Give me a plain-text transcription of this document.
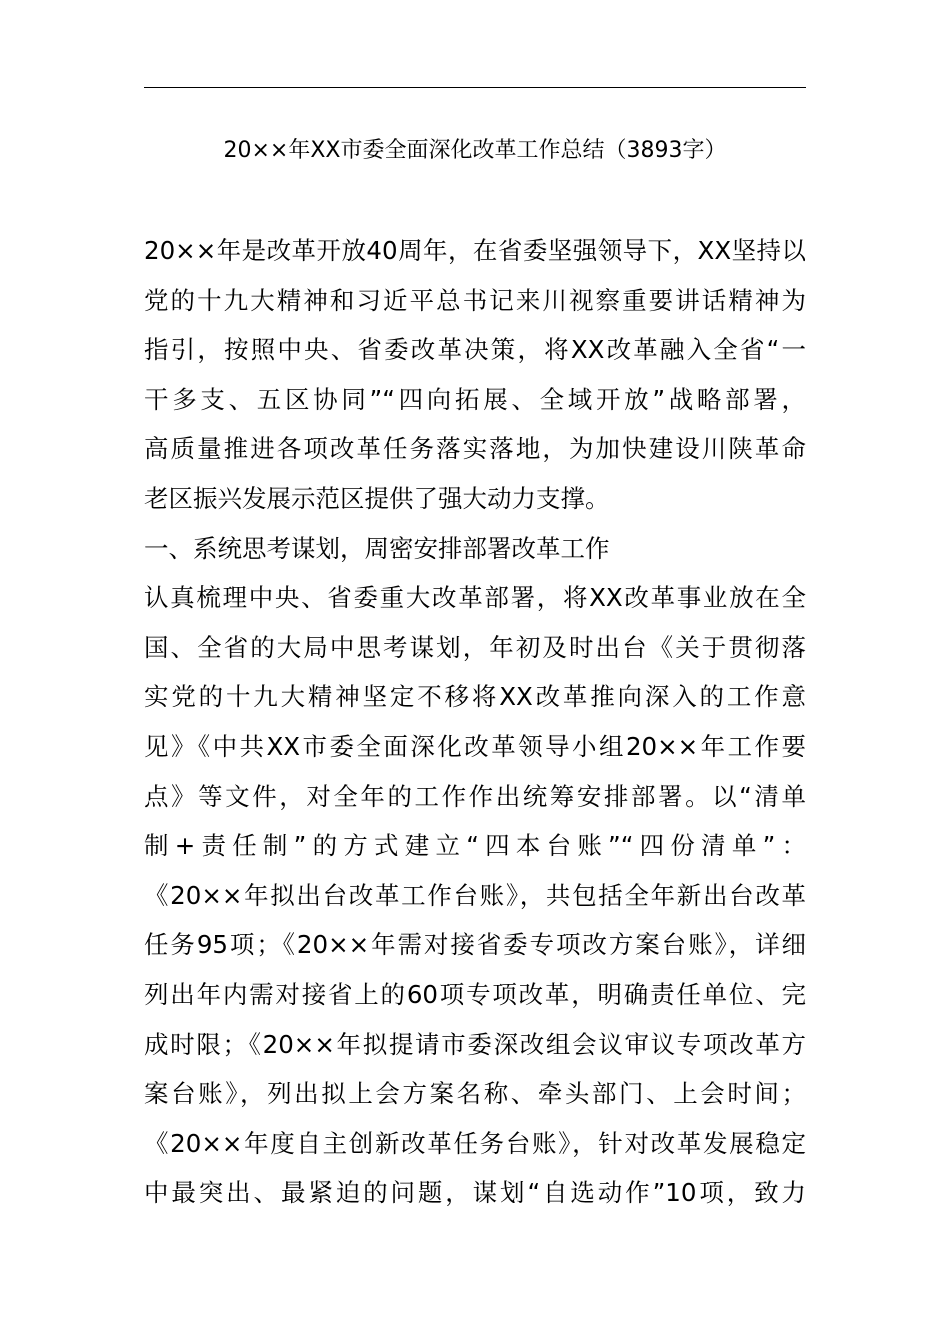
20××年XX市委全面深化改革工作总结（3893字）
20××年是改革开放40周年，在省委坚强领导下，XX坚持以
党的十九大精神和习近平总书记来川视察重要讲话精神为
指引，按照中央、省委改革决策，将XX改革融入全省“一
干多支、五区协同”“四向拓展、全域开放”战略部署，
高质量推进各项改革任务落实落地，为加快建设川陕革命
老区振兴发展示范区提供了强大动力支撑。
一、系统思考谋划，周密安排部署改革工作
认真梳理中央、省委重大改革部署，将XX改革事业放在全
国、全省的大局中思考谋划，年初及时出台《关于贯彻落
实党的十九大精神坚定不移将XX改革推向深入的工作意
见》《中共XX市委全面深化改革领导小组20××年工作要
点》等文件，对全年的工作作出统筹安排部署。以“清单
制+责任制”的方式建立“四本台账”“四份清单”：
《20××年拟出台改革工作台账》，共包括全年新出台改革
任务95项；《20××年需对接省委专项改方案台账》，详细
列出年内需对接省上的60项专项改革，明确责任单位、完
成时限；《20××年拟提请市委深改组会议审议专项改革方
案台账》，列出拟上会方案名称、牵头部门、上会时间；
《20××年度自主创新改革任务台账》，针对改革发展稳定
中最突出、最紧迫的问题，谋划“自选动作”10项，致力
